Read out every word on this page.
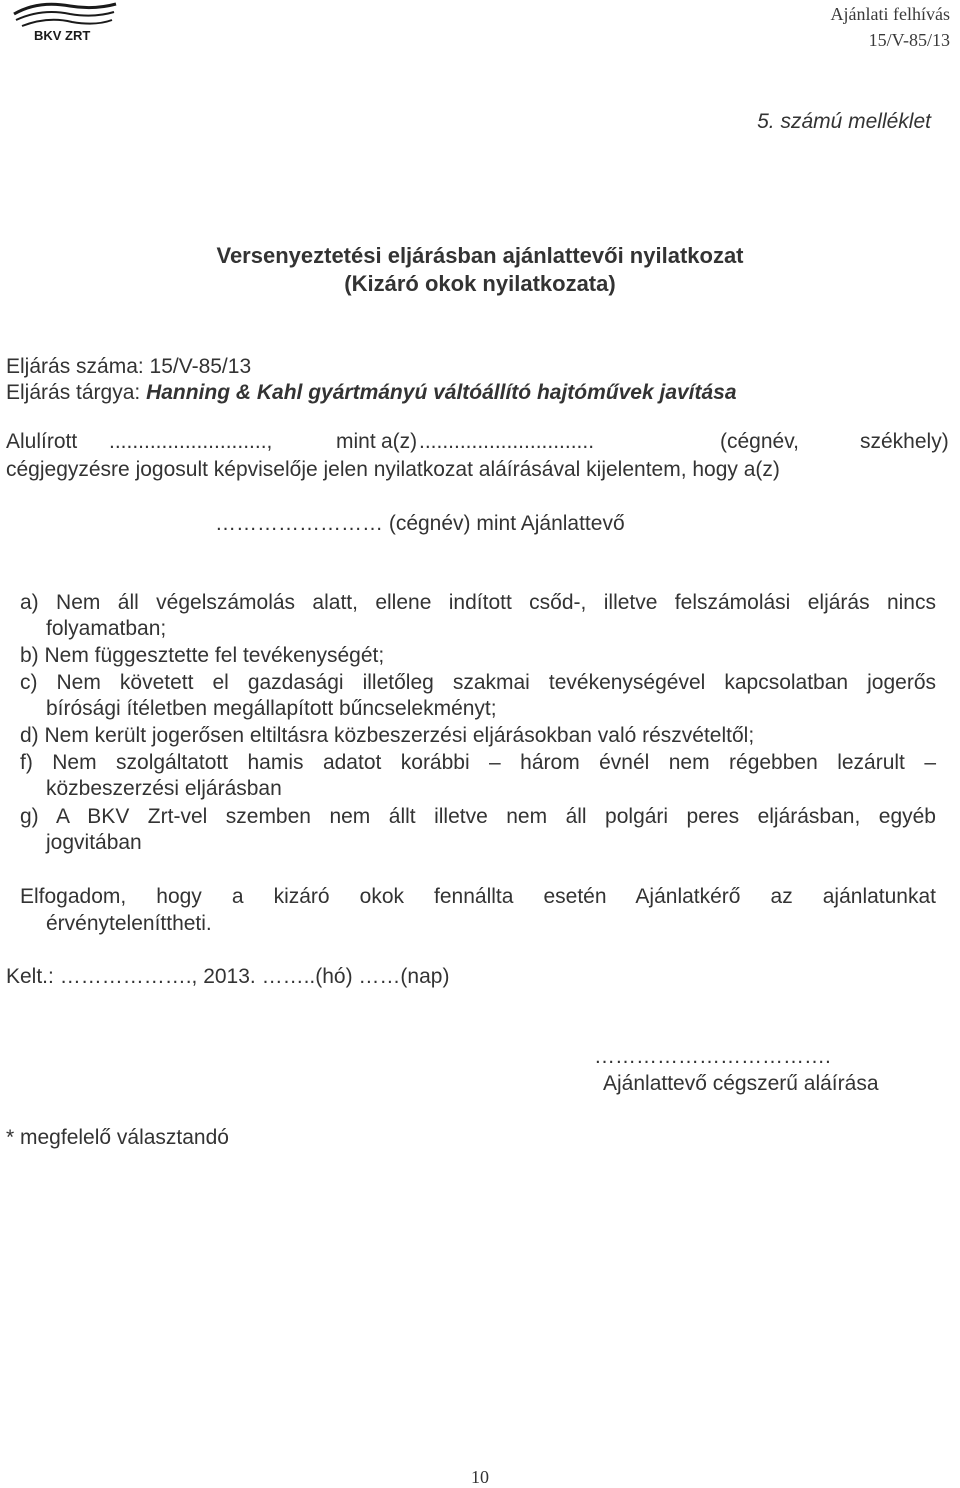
BKV ZRT
Ajánlati felhívás
15/V-85/13
5. számú melléklet
Versenyeztetési eljárásban ajánlattevői nyilatkozat
(Kizáró okok nyilatkozata)
Eljárás száma: 15/V-85/13
Eljárás tárgya: Hanning & Kahl gyártmányú váltóállító hajtóművek javítása
Alulírott ...........................,	mint a(z) ..............................	(cégnév,	székhely)
cégjegyzésre jogosult képviselője jelen nyilatkozat aláírásával kijelentem, hogy a(z)
…………………… (cégnév) mint Ajánlattevő
a) Nem áll végelszámolás alatt, ellene indított csőd-, illetve felszámolási eljárás nincs
folyamatban;
b) Nem függesztette fel tevékenységét;
c) Nem követett el gazdasági illetőleg szakmai tevékenységével kapcsolatban jogerős
bírósági ítéletben megállapított bűncselekményt;
d) Nem került jogerősen eltiltásra közbeszerzési eljárásokban való részvételtől;
f) Nem szolgáltatott hamis adatot korábbi – három évnél nem régebben lezárult –
közbeszerzési eljárásban
g) A BKV Zrt-vel szemben nem állt illetve nem áll polgári peres eljárásban, egyéb
jogvitában
Elfogadom, hogy a kizáró okok fennállta esetén Ajánlatkérő az ajánlatunkat
érvényteleníttheti.
Kelt.: ………………., 2013. ……..(hó) ……(nap)
…………………………….
Ajánlattevő cégszerű aláírása
* megfelelő választandó
10
